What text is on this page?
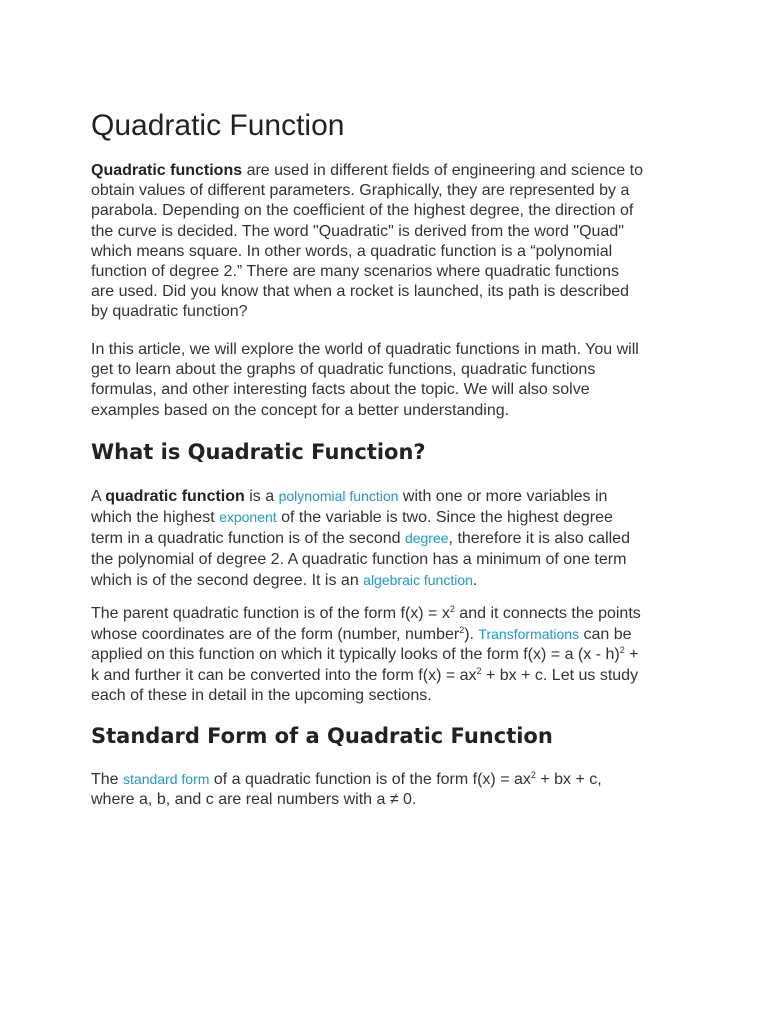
Quadratic Function

Quadratic functions are used in different fields of engineering and science to
obtain values of different parameters. Graphically, they are represented by a
parabola. Depending on the coefficient of the highest degree, the direction of
the curve is decided. The word "Quadratic" is derived from the word "Quad"
which means square. In other words, a quadratic function is a “polynomial
function of degree 2.” There are many scenarios where quadratic functions
are used. Did you know that when a rocket is launched, its path is described
by quadratic function?

In this article, we will explore the world of quadratic functions in math. You will
get to learn about the graphs of quadratic functions, quadratic functions
formulas, and other interesting facts about the topic. We will also solve
examples based on the concept for a better understanding.

What is Quadratic Function?

A quadratic function is a polynomial function with one or more variables in
which the highest exponent of the variable is two. Since the highest degree
term in a quadratic function is of the second degree, therefore it is also called
the polynomial of degree 2. A quadratic function has a minimum of one term
which is of the second degree. It is an algebraic function.

The parent quadratic function is of the form $f(x) = x^2$ and it connects the points
whose coordinates are of the form (number, number$^2$). Transformations can be
applied on this function on which it typically looks of the form f(x) = a (x - h)$^2$ +
k and further it can be converted into the form $f(x) = ax^2$ + bx + c. Let us study
each of these in detail in the upcoming sections.

Standard Form of a Quadratic Function

The standard form of a quadratic function is of the form $f(x) = ax^2$ + bx + c,
where a, b, and c are real numbers with a ≠ 0.
